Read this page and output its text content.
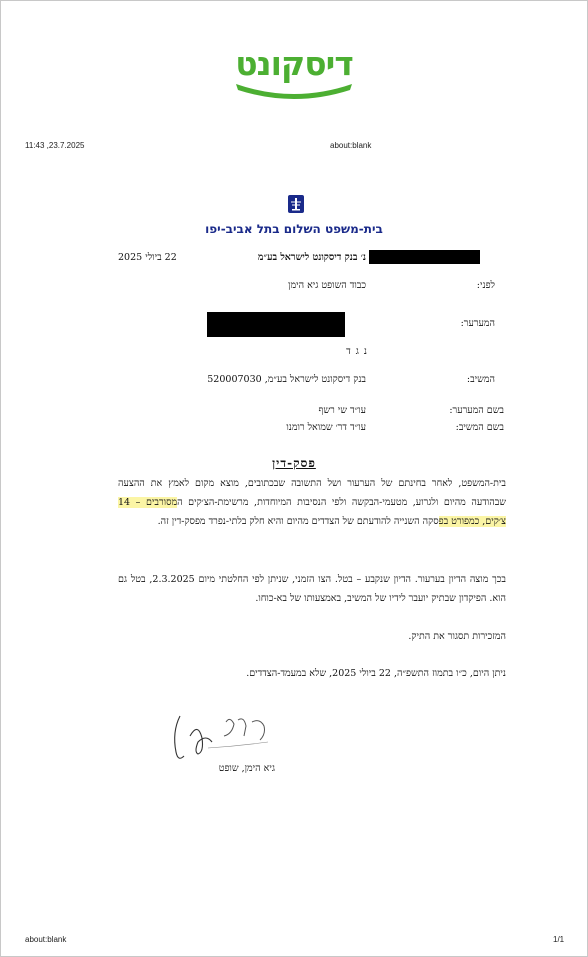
11:43 ,23.7.2025	about:blank
דיסקונט
בית-משפט השלום בתל אביב-יפו
נ׳ בנק דיסקונט לישראל בע״מ
22 ביולי 2025
לפני:
כבוד השופט גיא הימן
המערער:
נ ג ד
המשיב:
בנק דיסקונט לישראל בע״מ, 520007030
בשם המערער:
עו״ד שי רשף
בשם המשיב:
עו״ד דר׳ שמואל רומנו
פסק-דין
בית-המשפט, לאחר בחינתם של הערעור ושל התשובה שבכתובים, מוצא מקום לאמץ את ההצעה שבהודעה מהיום ולגרוע, מטעמי-הבקשה ולפי הנסיבות המיוחדות, מרשימת-הצ׳קים המסורבים – 14 צ׳קים, כמפורט בפסקה השנייה להודעתם של הצדדים מהיום והיא חלק בלתי-נפרד מפסק-דין זה.
בכך מוצה הדיון בערעור. הדיון שנקבע – בטל. הצו הזמני, שניתן לפי החלטתי מיום 2.3.2025, בטל גם הוא. הפיקדון שבתיק יועבר לידיו של המשיב, באמצעותו של בא-כוחו.
המזכירות תסגור את התיק.
ניתן היום, כ״ו בתמוז התשפ״ה, 22 ביולי 2025, שלא במעמד-הצדדים.
גיא הימן, שופט
about:blank	1/1
